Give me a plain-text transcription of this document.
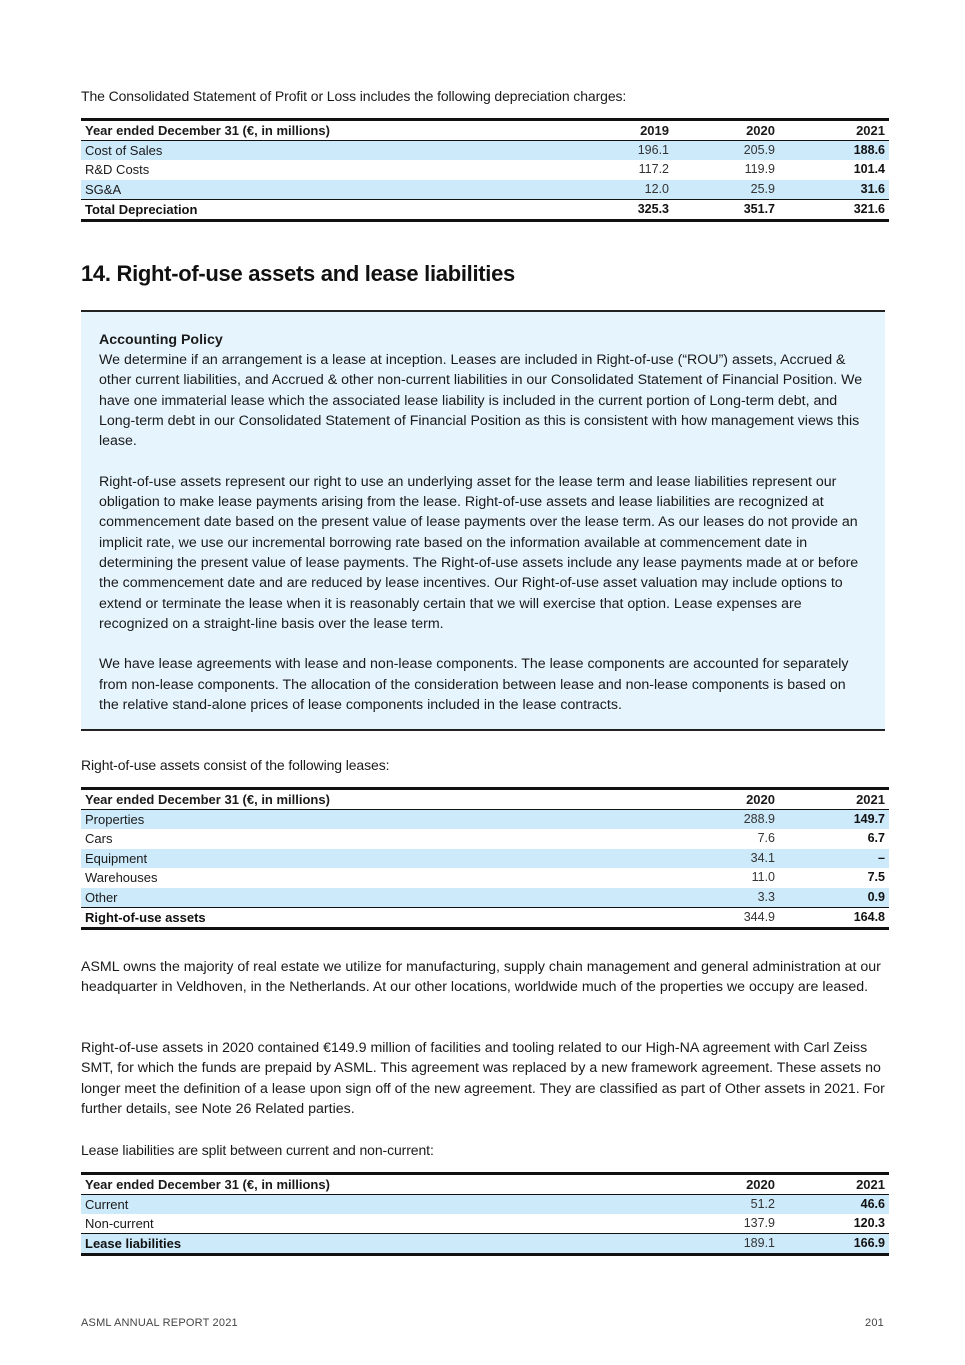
The Consolidated Statement of Profit or Loss includes the following depreciation charges:
Year ended December 31 (€, in millions)	2019	2020	2021
Cost of Sales	196.1	205.9	188.6
R&D Costs	117.2	119.9	101.4
SG&A	12.0	25.9	31.6
Total Depreciation	325.3	351.7	321.6
14. Right-of-use assets and lease liabilities
Accounting Policy

We determine if an arrangement is a lease at inception. Leases are included in Right-of-use (“ROU”) assets, Accrued & other current liabilities, and Accrued & other non-current liabilities in our Consolidated Statement of Financial Position. We have one immaterial lease which the associated lease liability is included in the current portion of Long-term debt, and Long-term debt in our Consolidated Statement of Financial Position as this is consistent with how management views this lease.

Right-of-use assets represent our right to use an underlying asset for the lease term and lease liabilities represent our obligation to make lease payments arising from the lease. Right-of-use assets and lease liabilities are recognized at commencement date based on the present value of lease payments over the lease term. As our leases do not provide an implicit rate, we use our incremental borrowing rate based on the information available at commencement date in determining the present value of lease payments. The Right-of-use assets include any lease payments made at or before the commencement date and are reduced by lease incentives. Our Right-of-use asset valuation may include options to extend or terminate the lease when it is reasonably certain that we will exercise that option. Lease expenses are recognized on a straight-line basis over the lease term.

We have lease agreements with lease and non-lease components. The lease components are accounted for separately from non-lease components. The allocation of the consideration between lease and non-lease components is based on the relative stand-alone prices of lease components included in the lease contracts.

Right-of-use assets consist of the following leases:
Year ended December 31 (€, in millions)	2020	2021
Properties	288.9	149.7
Cars	7.6	6.7
Equipment	34.1	–
Warehouses	11.0	7.5
Other	3.3	0.9
Right-of-use assets	344.9	164.8

ASML owns the majority of real estate we utilize for manufacturing, supply chain management and general administration at our headquarter in Veldhoven, in the Netherlands. At our other locations, worldwide much of the properties we occupy are leased.

Right-of-use assets in 2020 contained €149.9 million of facilities and tooling related to our High-NA agreement with Carl Zeiss SMT, for which the funds are prepaid by ASML. This agreement was replaced by a new framework agreement. These assets no longer meet the definition of a lease upon sign off of the new agreement. They are classified as part of Other assets in 2021. For further details, see Note 26 Related parties.

Lease liabilities are split between current and non-current:
Year ended December 31 (€, in millions)	2020	2021
Current	51.2	46.6
Non-current	137.9	120.3
Lease liabilities	189.1	166.9
ASML ANNUAL REPORT 2021	201
